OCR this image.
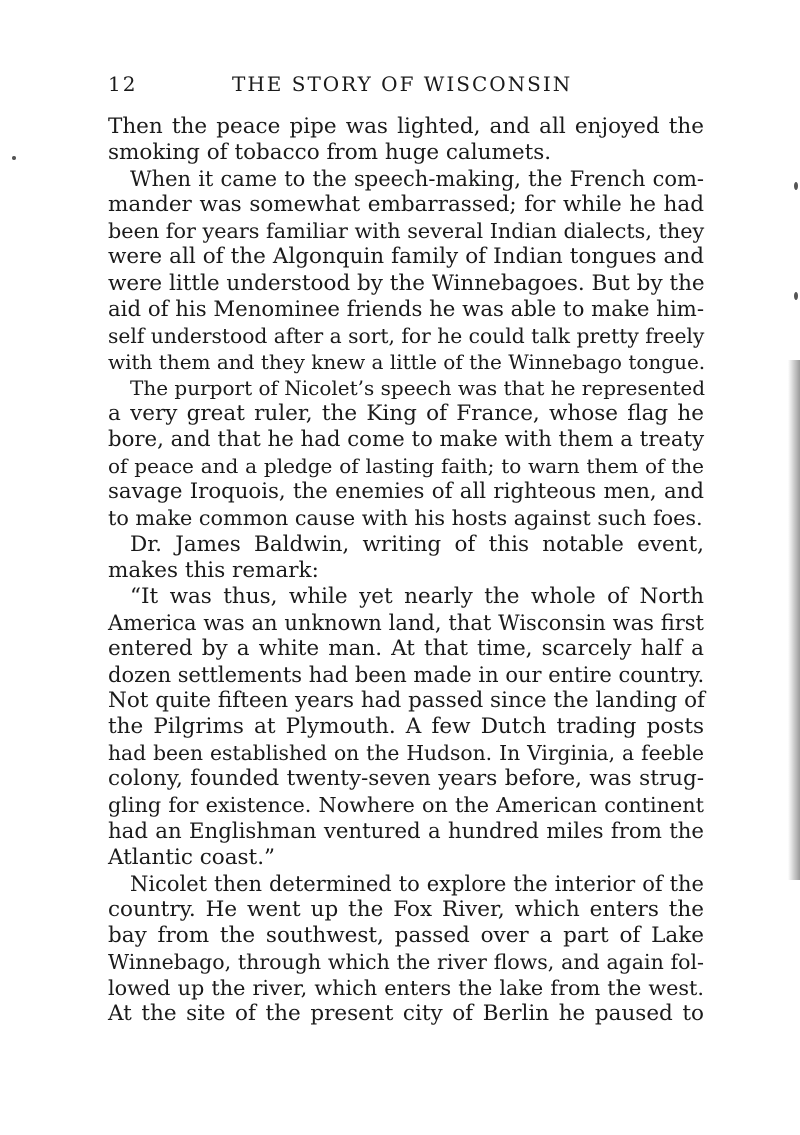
12	THE STORY OF WISCONSIN
Then the peace pipe was lighted, and all enjoyed the
smoking of tobacco from huge calumets.
When it came to the speech-making, the French com-
mander was somewhat embarrassed; for while he had
been for years familiar with several Indian dialects, they
were all of the Algonquin family of Indian tongues and
were little understood by the Winnebagoes. But by the
aid of his Menominee friends he was able to make him-
self understood after a sort, for he could talk pretty freely
with them and they knew a little of the Winnebago tongue.
The purport of Nicolet’s speech was that he represented
a very great ruler, the King of France, whose flag he
bore, and that he had come to make with them a treaty
of peace and a pledge of lasting faith; to warn them of the
savage Iroquois, the enemies of all righteous men, and
to make common cause with his hosts against such foes.
Dr. James Baldwin, writing of this notable event,
makes this remark:
“It was thus, while yet nearly the whole of North
America was an unknown land, that Wisconsin was first
entered by a white man. At that time, scarcely half a
dozen settlements had been made in our entire country.
Not quite fifteen years had passed since the landing of
the Pilgrims at Plymouth. A few Dutch trading posts
had been established on the Hudson. In Virginia, a feeble
colony, founded twenty-seven years before, was strug-
gling for existence. Nowhere on the American continent
had an Englishman ventured a hundred miles from the
Atlantic coast.”
Nicolet then determined to explore the interior of the
country. He went up the Fox River, which enters the
bay from the southwest, passed over a part of Lake
Winnebago, through which the river flows, and again fol-
lowed up the river, which enters the lake from the west.
At the site of the present city of Berlin he paused to
